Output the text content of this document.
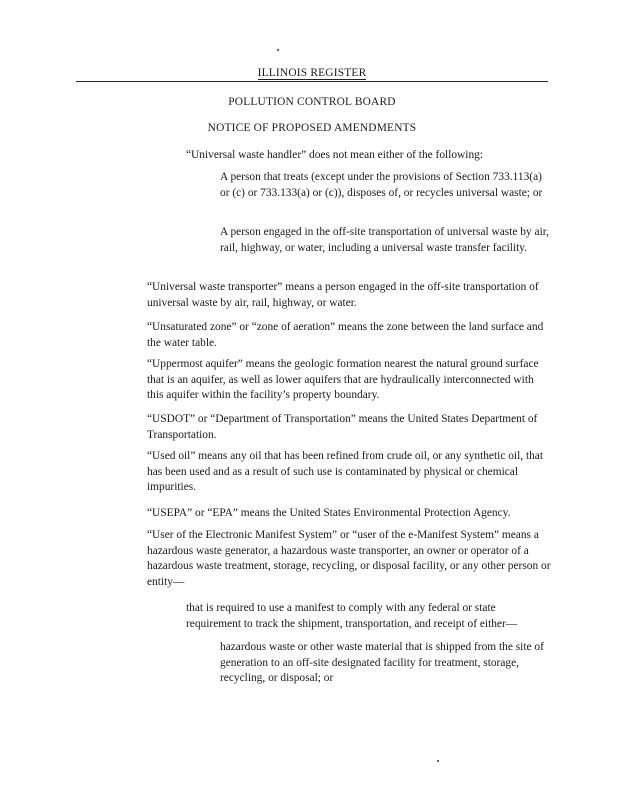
ILLINOIS REGISTER
POLLUTION CONTROL BOARD
NOTICE OF PROPOSED AMENDMENTS

“Universal waste handler” does not mean either of the following:

A person that treats (except under the provisions of Section 733.113(a) or (c) or 733.133(a) or (c)), disposes of, or recycles universal waste; or

A person engaged in the off-site transportation of universal waste by air, rail, highway, or water, including a universal waste transfer facility.

“Universal waste transporter” means a person engaged in the off-site transportation of universal waste by air, rail, highway, or water.

“Unsaturated zone” or “zone of aeration” means the zone between the land surface and the water table.

“Uppermost aquifer” means the geologic formation nearest the natural ground surface that is an aquifer, as well as lower aquifers that are hydraulically interconnected with this aquifer within the facility’s property boundary.

“USDOT” or “Department of Transportation” means the United States Department of Transportation.

“Used oil” means any oil that has been refined from crude oil, or any synthetic oil, that has been used and as a result of such use is contaminated by physical or chemical impurities.

“USEPA” or “EPA” means the United States Environmental Protection Agency.

“User of the Electronic Manifest System” or “user of the e-Manifest System” means a hazardous waste generator, a hazardous waste transporter, an owner or operator of a hazardous waste treatment, storage, recycling, or disposal facility, or any other person or entity—

that is required to use a manifest to comply with any federal or state requirement to track the shipment, transportation, and receipt of either—

hazardous waste or other waste material that is shipped from the site of generation to an off-site designated facility for treatment, storage, recycling, or disposal; or
